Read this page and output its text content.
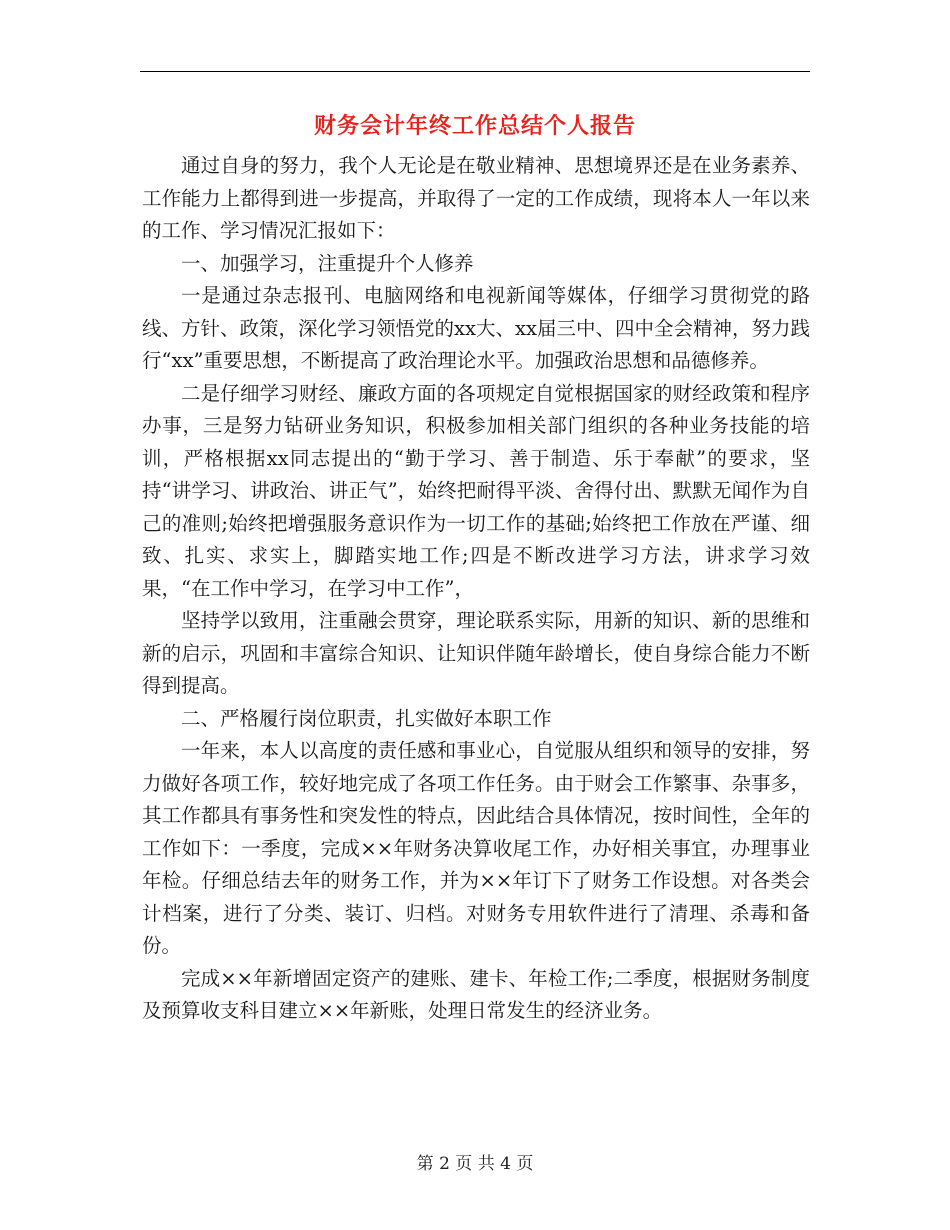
财务会计年终工作总结个人报告

通过自身的努力，我个人无论是在敬业精神、思想境界还是在业务素养、工作能力上都得到进一步提高，并取得了一定的工作成绩，现将本人一年以来的工作、学习情况汇报如下：

一、加强学习，注重提升个人修养

一是通过杂志报刊、电脑网络和电视新闻等媒体，仔细学习贯彻党的路线、方针、政策，深化学习领悟党的xx大、xx届三中、四中全会精神，努力践行“xx”重要思想，不断提高了政治理论水平。加强政治思想和品德修养。

二是仔细学习财经、廉政方面的各项规定自觉根据国家的财经政策和程序办事，三是努力钻研业务知识，积极参加相关部门组织的各种业务技能的培训，严格根据xx同志提出的“勤于学习、善于制造、乐于奉献”的要求，坚持“讲学习、讲政治、讲正气”，始终把耐得平淡、舍得付出、默默无闻作为自己的准则;始终把增强服务意识作为一切工作的基础;始终把工作放在严谨、细致、扎实、求实上，脚踏实地工作;四是不断改进学习方法，讲求学习效果，“在工作中学习，在学习中工作”，

坚持学以致用，注重融会贯穿，理论联系实际，用新的知识、新的思维和新的启示，巩固和丰富综合知识、让知识伴随年龄增长，使自身综合能力不断得到提高。

二、严格履行岗位职责，扎实做好本职工作

一年来，本人以高度的责任感和事业心，自觉服从组织和领导的安排，努力做好各项工作，较好地完成了各项工作任务。由于财会工作繁事、杂事多，其工作都具有事务性和突发性的特点，因此结合具体情况，按时间性，全年的工作如下：一季度，完成××年财务决算收尾工作，办好相关事宜，办理事业年检。仔细总结去年的财务工作，并为××年订下了财务工作设想。对各类会计档案，进行了分类、装订、归档。对财务专用软件进行了清理、杀毒和备份。

完成××年新增固定资产的建账、建卡、年检工作;二季度，根据财务制度及预算收支科目建立××年新账，处理日常发生的经济业务。

第 2 页 共 4 页
